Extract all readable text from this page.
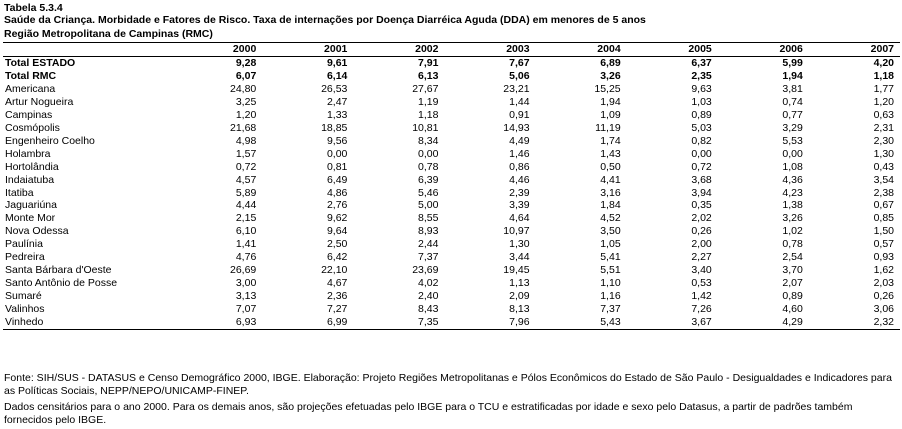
Tabela 5.3.4
Saúde da Criança. Morbidade e Fatores de Risco. Taxa de internações por Doença Diarréica Aguda (DDA) em menores de 5 anos
Região Metropolitana de Campinas (RMC)
	2000	2001	2002	2003	2004	2005	2006	2007
Total ESTADO	9,28	9,61	7,91	7,67	6,89	6,37	5,99	4,20
Total RMC	6,07	6,14	6,13	5,06	3,26	2,35	1,94	1,18
Americana	24,80	26,53	27,67	23,21	15,25	9,63	3,81	1,77
Artur Nogueira	3,25	2,47	1,19	1,44	1,94	1,03	0,74	1,20
Campinas	1,20	1,33	1,18	0,91	1,09	0,89	0,77	0,63
Cosmópolis	21,68	18,85	10,81	14,93	11,19	5,03	3,29	2,31
Engenheiro Coelho	4,98	9,56	8,34	4,49	1,74	0,82	5,53	2,30
Holambra	1,57	0,00	0,00	1,46	1,43	0,00	0,00	1,30
Hortolândia	0,72	0,81	0,78	0,86	0,50	0,72	1,08	0,43
Indaiatuba	4,57	6,49	6,39	4,46	4,41	3,68	4,36	3,54
Itatiba	5,89	4,86	5,46	2,39	3,16	3,94	4,23	2,38
Jaguariúna	4,44	2,76	5,00	3,39	1,84	0,35	1,38	0,67
Monte Mor	2,15	9,62	8,55	4,64	4,52	2,02	3,26	0,85
Nova Odessa	6,10	9,64	8,93	10,97	3,50	0,26	1,02	1,50
Paulínia	1,41	2,50	2,44	1,30	1,05	2,00	0,78	0,57
Pedreira	4,76	6,42	7,37	3,44	5,41	2,27	2,54	0,93
Santa Bárbara d'Oeste	26,69	22,10	23,69	19,45	5,51	3,40	3,70	1,62
Santo Antônio de Posse	3,00	4,67	4,02	1,13	1,10	0,53	2,07	2,03
Sumaré	3,13	2,36	2,40	2,09	1,16	1,42	0,89	0,26
Valinhos	7,07	7,27	8,43	8,13	7,37	7,26	4,60	3,06
Vinhedo	6,93	6,99	7,35	7,96	5,43	3,67	4,29	2,32
Fonte: SIH/SUS - DATASUS e Censo Demográfico 2000, IBGE. Elaboração: Projeto Regiões Metropolitanas e Pólos Econômicos do Estado de São Paulo - Desigualdades e Indicadores para as Políticas Sociais, NEPP/NEPO/UNICAMP-FINEP.
Dados censitários para o ano 2000. Para os demais anos, são projeções efetuadas pelo IBGE para o TCU e estratificadas por idade e sexo pelo Datasus, a partir de padrões também fornecidos pelo IBGE.
